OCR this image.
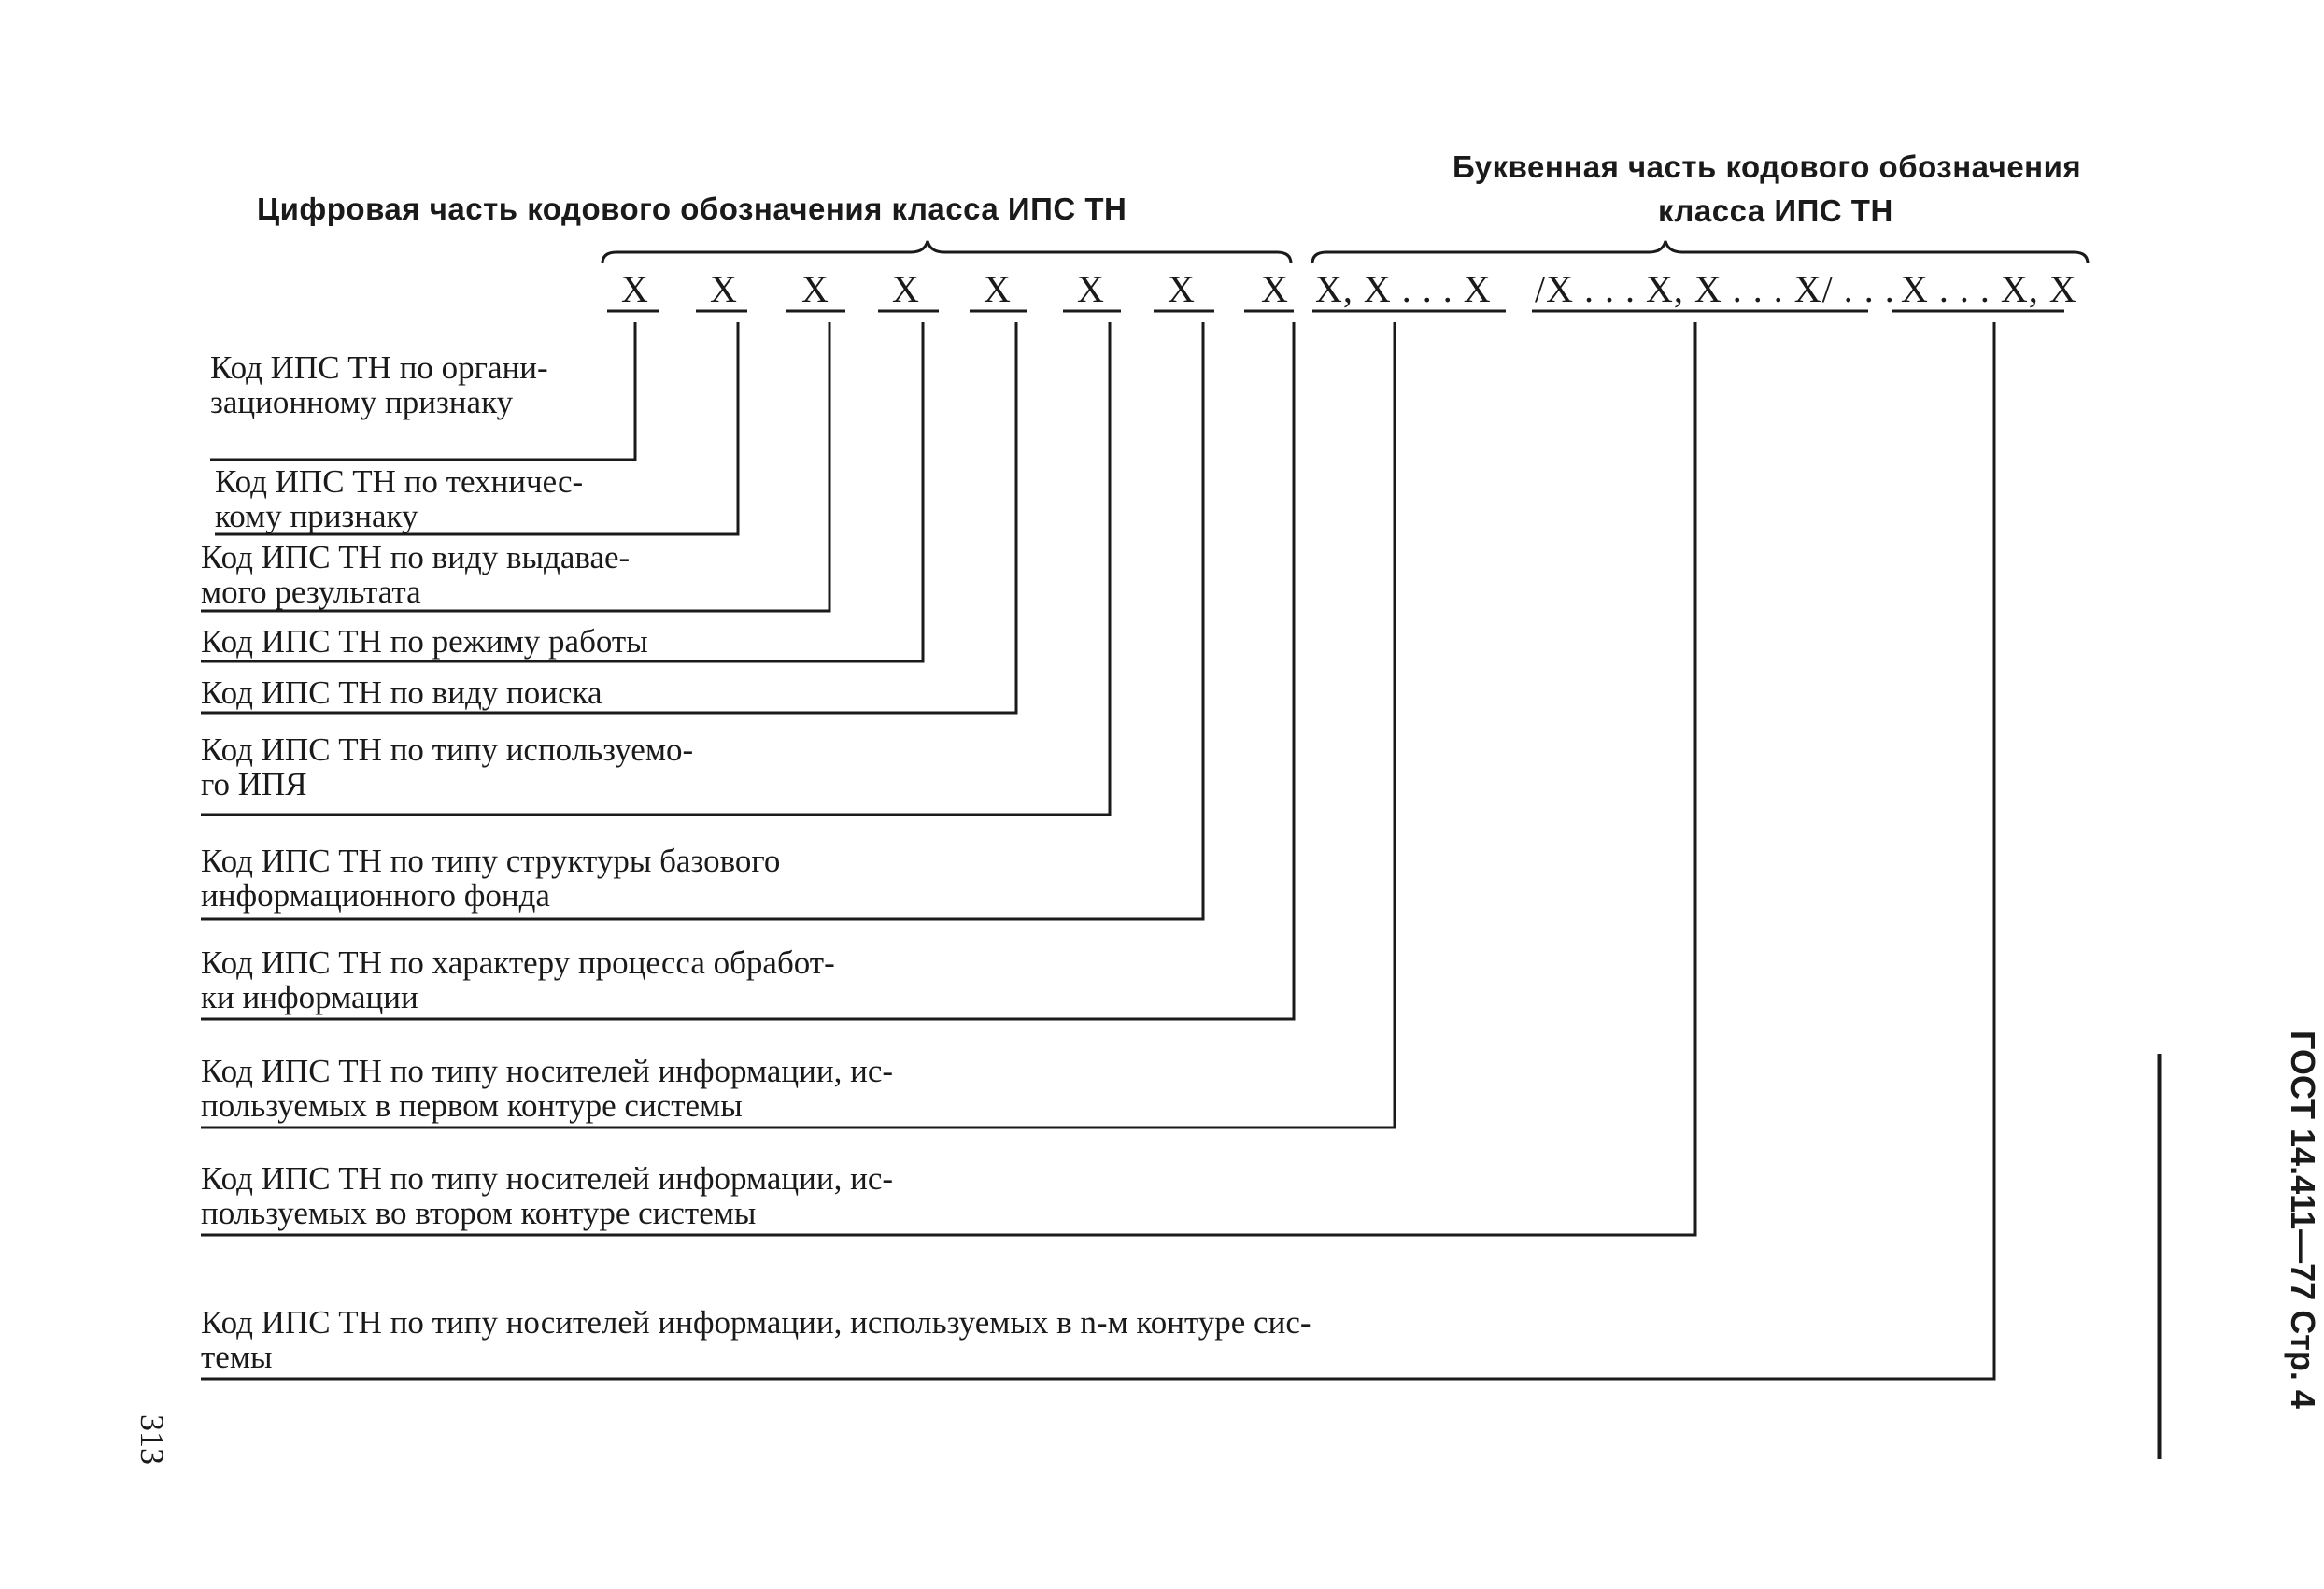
Цифровая часть кодового обозначения класса ИПС ТН
Буквенная часть кодового обозначения
класса ИПС ТН
X X X X X X X X X, X . . . X /X . . . X, X . . . X/ . . . X . . . X, X
Код ИПС ТН по органи-
зационному признаку
Код ИПС ТН по техничес-
кому признаку
Код ИПС ТН по виду выдавае-
мого результата
Код ИПС ТН по режиму работы
Код ИПС ТН по виду поиска
Код ИПС ТН по типу используемо-
го ИПЯ
Код ИПС ТН по типу структуры базового
информационного фонда
Код ИПС ТН по характеру процесса обработ-
ки информации
Код ИПС ТН по типу носителей информации, ис-
пользуемых в первом контуре системы
Код ИПС ТН по типу носителей информации, ис-
пользуемых во втором контуре системы
Код ИПС ТН по типу носителей информации, используемых в n-м контуре сис-
темы	ГОСТ 14.411—77 Стр. 4
313
